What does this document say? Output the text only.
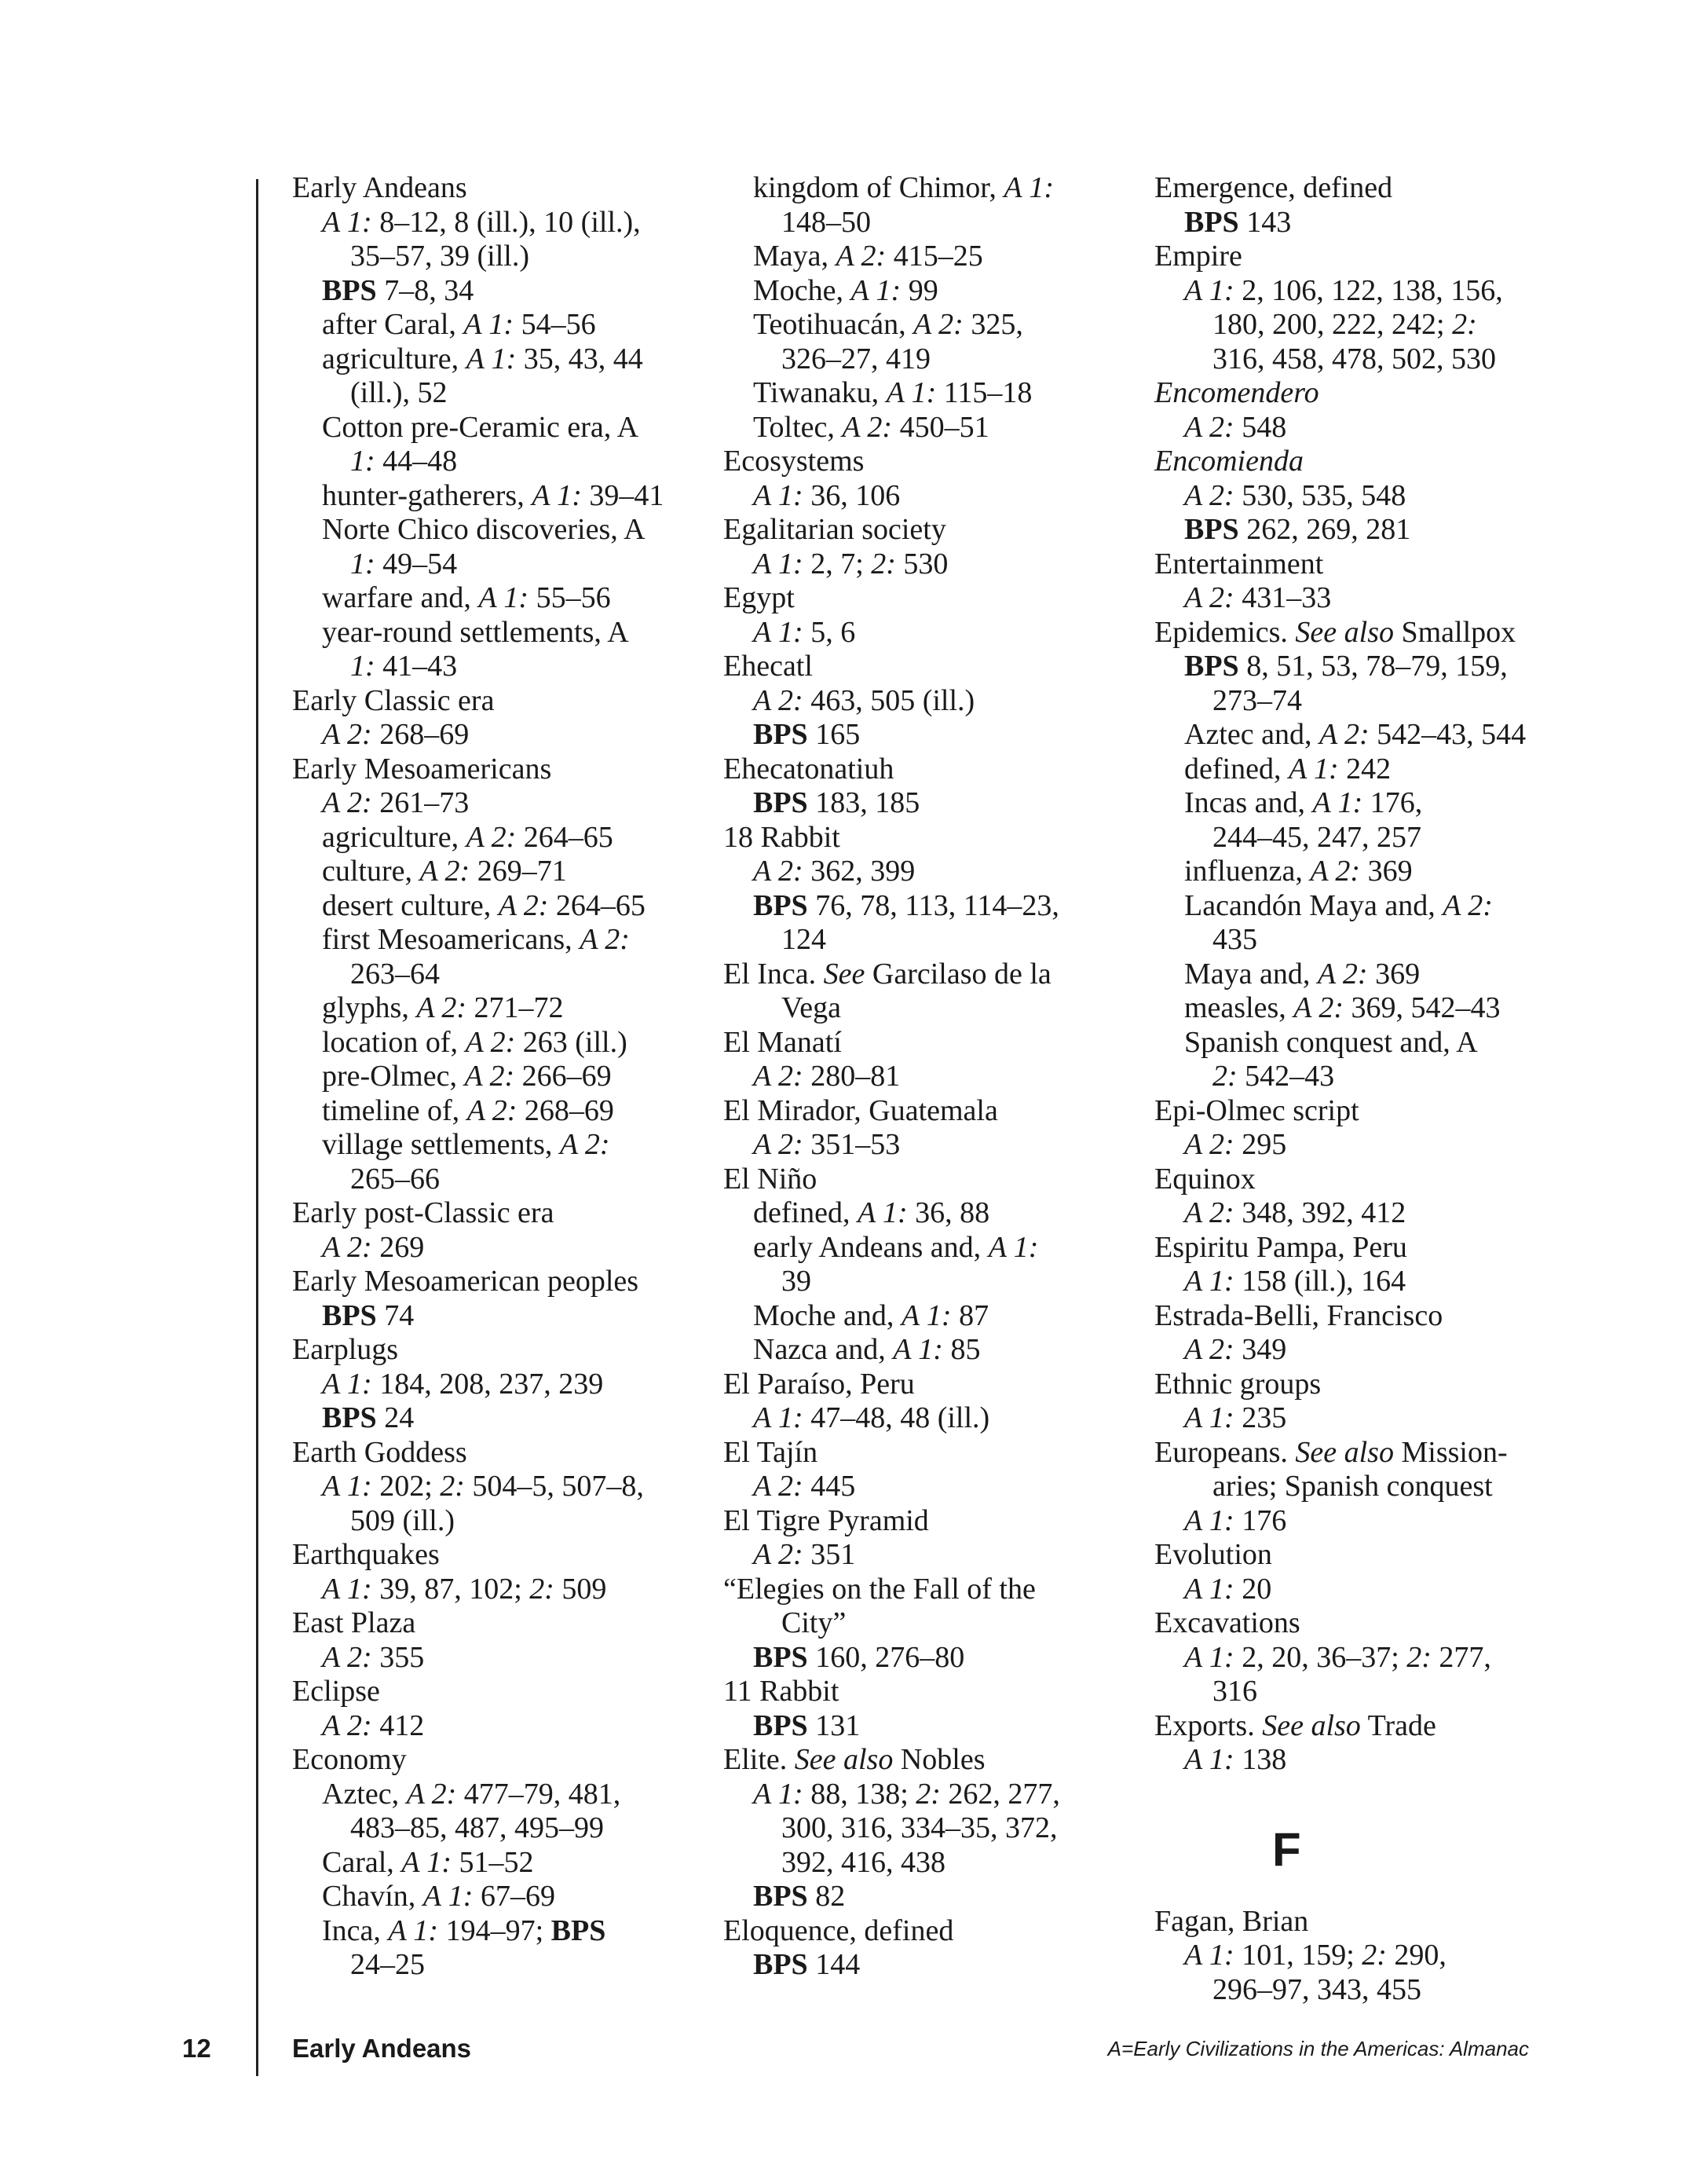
Early Andeans
A 1: 8–12, 8 (ill.), 10 (ill.),
35–57, 39 (ill.)
BPS 7–8, 34
after Caral, A 1: 54–56
agriculture, A 1: 35, 43, 44
(ill.), 52
Cotton pre-Ceramic era, A
1: 44–48
hunter-gatherers, A 1: 39–41
Norte Chico discoveries, A
1: 49–54
warfare and, A 1: 55–56
year-round settlements, A
1: 41–43
Early Classic era
A 2: 268–69
Early Mesoamericans
A 2: 261–73
agriculture, A 2: 264–65
culture, A 2: 269–71
desert culture, A 2: 264–65
first Mesoamericans, A 2:
263–64
glyphs, A 2: 271–72
location of, A 2: 263 (ill.)
pre-Olmec, A 2: 266–69
timeline of, A 2: 268–69
village settlements, A 2:
265–66
Early post-Classic era
A 2: 269
Early Mesoamerican peoples
BPS 74
Earplugs
A 1: 184, 208, 237, 239
BPS 24
Earth Goddess
A 1: 202; 2: 504–5, 507–8,
509 (ill.)
Earthquakes
A 1: 39, 87, 102; 2: 509
East Plaza
A 2: 355
Eclipse
A 2: 412
Economy
Aztec, A 2: 477–79, 481,
483–85, 487, 495–99
Caral, A 1: 51–52
Chavín, A 1: 67–69
Inca, A 1: 194–97; BPS
24–25
kingdom of Chimor, A 1:
148–50
Maya, A 2: 415–25
Moche, A 1: 99
Teotihuacán, A 2: 325,
326–27, 419
Tiwanaku, A 1: 115–18
Toltec, A 2: 450–51
Ecosystems
A 1: 36, 106
Egalitarian society
A 1: 2, 7; 2: 530
Egypt
A 1: 5, 6
Ehecatl
A 2: 463, 505 (ill.)
BPS 165
Ehecatonatiuh
BPS 183, 185
18 Rabbit
A 2: 362, 399
BPS 76, 78, 113, 114–23,
124
El Inca. See Garcilaso de la
Vega
El Manatí
A 2: 280–81
El Mirador, Guatemala
A 2: 351–53
El Niño
defined, A 1: 36, 88
early Andeans and, A 1:
39
Moche and, A 1: 87
Nazca and, A 1: 85
El Paraíso, Peru
A 1: 47–48, 48 (ill.)
El Tajín
A 2: 445
El Tigre Pyramid
A 2: 351
“Elegies on the Fall of the
City”
BPS 160, 276–80
11 Rabbit
BPS 131
Elite. See also Nobles
A 1: 88, 138; 2: 262, 277,
300, 316, 334–35, 372,
392, 416, 438
BPS 82
Eloquence, defined
BPS 144
Emergence, defined
BPS 143
Empire
A 1: 2, 106, 122, 138, 156,
180, 200, 222, 242; 2:
316, 458, 478, 502, 530
Encomendero
A 2: 548
Encomienda
A 2: 530, 535, 548
BPS 262, 269, 281
Entertainment
A 2: 431–33
Epidemics. See also Smallpox
BPS 8, 51, 53, 78–79, 159,
273–74
Aztec and, A 2: 542–43, 544
defined, A 1: 242
Incas and, A 1: 176,
244–45, 247, 257
influenza, A 2: 369
Lacandón Maya and, A 2:
435
Maya and, A 2: 369
measles, A 2: 369, 542–43
Spanish conquest and, A
2: 542–43
Epi-Olmec script
A 2: 295
Equinox
A 2: 348, 392, 412
Espiritu Pampa, Peru
A 1: 158 (ill.), 164
Estrada-Belli, Francisco
A 2: 349
Ethnic groups
A 1: 235
Europeans. See also Mission-
aries; Spanish conquest
A 1: 176
Evolution
A 1: 20
Excavations
A 1: 2, 20, 36–37; 2: 277,
316
Exports. See also Trade
A 1: 138
F
Fagan, Brian
A 1: 101, 159; 2: 290,
296–97, 343, 455
12	Early Andeans	A=Early Civilizations in the Americas: Almanac
